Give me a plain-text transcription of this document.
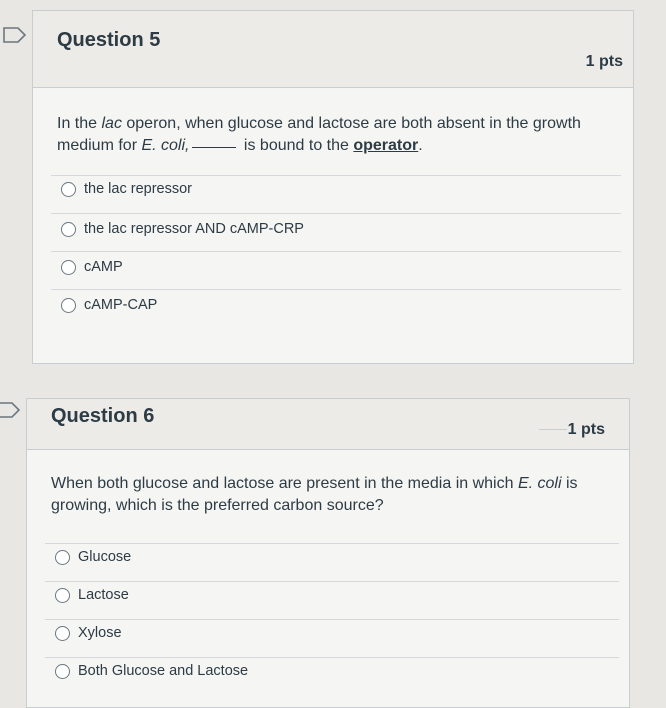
Question 5
1 pts
In the lac operon, when glucose and lactose are both absent in the growth medium for E. coli,	is bound to the operator.
the lac repressor
the lac repressor AND cAMP-CRP
cAMP
cAMP-CAP
Question 6
1 pts
When both glucose and lactose are present in the media in which E. coli is growing, which is the preferred carbon source?
Glucose
Lactose
Xylose
Both Glucose and Lactose
